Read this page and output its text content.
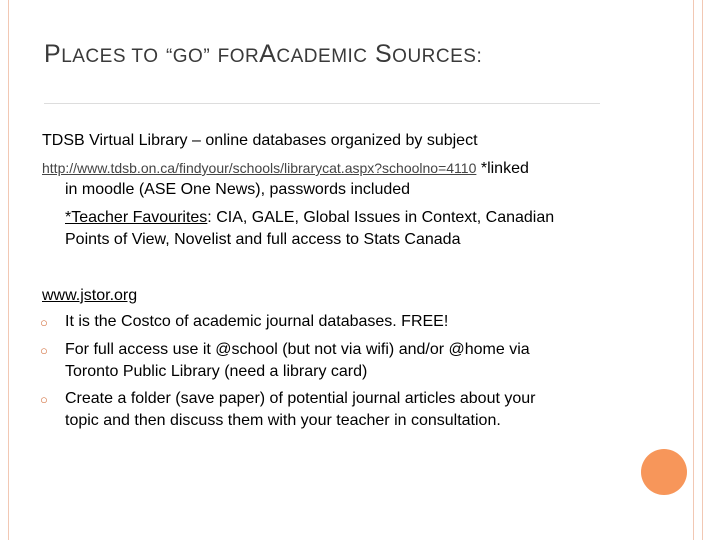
PLACES TO “GO” FORACADEMIC SOURCES:
TDSB Virtual Library – online databases organized by subject
http://www.tdsb.on.ca/findyour/schools/librarycat.aspx?schoolno=4110 *linked
in moodle (ASE One News), passwords included
*Teacher Favourites: CIA, GALE, Global Issues in Context, Canadian
Points of View, Novelist and full access to Stats Canada
www.jstor.org
○	It is the Costco of academic journal databases. FREE!
○	For full access use it @school (but not via wifi) and/or @home via
Toronto Public Library (need a library card)
○	Create a folder (save paper) of potential journal articles about your
topic and then discuss them with your teacher in consultation.
